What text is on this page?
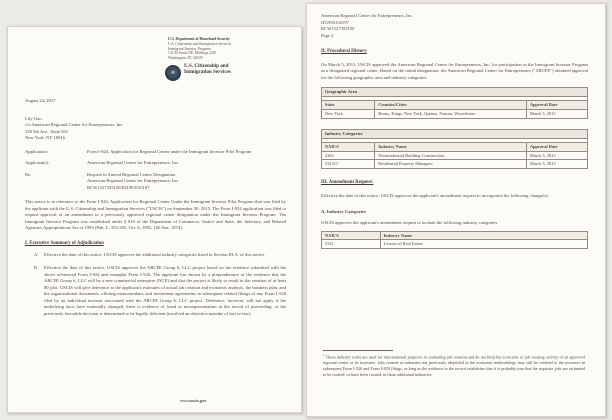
U.S. Department of Homeland Security
U.S. Citizenship and Immigration Services
Immigrant Investor Program
131 M Street NE, Mailstop 2235
Washington, DC 20529
U.S. Citizenship and Immigration Services
August 24, 2017
Lily Guo
c/o American Regional Center for Entrepreneurs, Inc.
339 5th Ave., Suite 501
New York, NY 10016
Application:	Form I-924, Application for Regional Center under the Immigrant Investor Pilot Program
Applicant(s):	American Regional Center for Entrepreneurs, Inc.
Re:	Request to Amend Regional Center Designation
American Regional Center for Entrepreneurs, Inc.
RCW1527353150/ID1903150197
This notice is in reference to the Form I-924, Application for Regional Center Under the Immigrant Investor Pilot Program that was filed by the applicant with the U.S. Citizenship and Immigration Services ("USCIS") on September 30, 2015. The Form I-924 application was filed to request approval of an amendment to a previously approved regional center designation under the Immigrant Investor Program. The Immigrant Investor Program was established under § 610 of the Department of Commerce, Justice and State, the Judiciary, and Related Agencies Appropriations Act of 1993 (Pub. L. 102-395, Oct. 6, 1992, 106 Stat. 1874).
I. Executive Summary of Adjudication
A.	Effective the date of this notice, USCIS approves the additional industry categories listed in Section III.A. of this notice.
B.	Effective the date of this notice, USCIS approves the ARCFE Group 6, LLC project based on the evidence submitted with the above referenced Form I-924 and exemplar Form I-526. The applicant has shown by a preponderance of the evidence that the ARCFE Group 6, LLC will be a new commercial enterprise (NCE) and that the project is likely to result in the creation of at least 80 jobs. USCIS will give deference to the applicant's estimates of actual job creation and economic analysis, the business plan, and the organizational documents, offering memorandum, and investment agreements in subsequent related filings of any Form I-526 filed by an individual investor associated with the ARCFE Group 6, LLC project. Deference, however, will not apply if the underlying facts have materially changed, there is evidence of fraud or misrepresentation in the record of proceeding, or the previously favorable decision is determined to be legally deficient (involved an objective mistake of fact or law).
www.uscis.gov
American Regional Center for Entrepreneurs, Inc.
ID1903150197
RCW1527353150
Page 2
II. Procedural History
On March 5, 2013, USCIS approved the American Regional Center for Entrepreneurs, Inc. for participation in the Immigrant Investor Program as a designated regional center. Based on the initial designation, the American Regional Center for Entrepreneurs ("ARCFE") obtained approval for the following geographic area and industry categories.
Geographic Area		

State	Counties/Cities	Approval Date
New York	Bronx, Kings, New York, Queens, Nassau, Westchester	March 5, 2013
Industry Categories		

NAICS	Industry Name	Approval Date
2362	Nonresidential Building Construction	March 5, 2013
531311	Residential Property Managers	March 5, 2013
III. Amendment Request:
Effective the date of this notice, USCIS approves the applicant's amendment request to incorporate the following change(s):
A. Industry Categories
USCIS approves the applicant's amendment request to include the following industry categories
NAICS	Industry Name
5311	Lessors of Real Estate
$^1$ These industry codes are used for informational purposes in estimating job creation and do not limit the economic or job creating activity of an approved regional center or its investors. Jobs created in industries not previously identified in the economic methodology may still be credited to the investors in subsequent Form I-526 and Form I-829 filings, as long as the evidence in the record establishes that it is probably true that the requisite jobs are estimated to be created, or have been created, in those additional industries.
